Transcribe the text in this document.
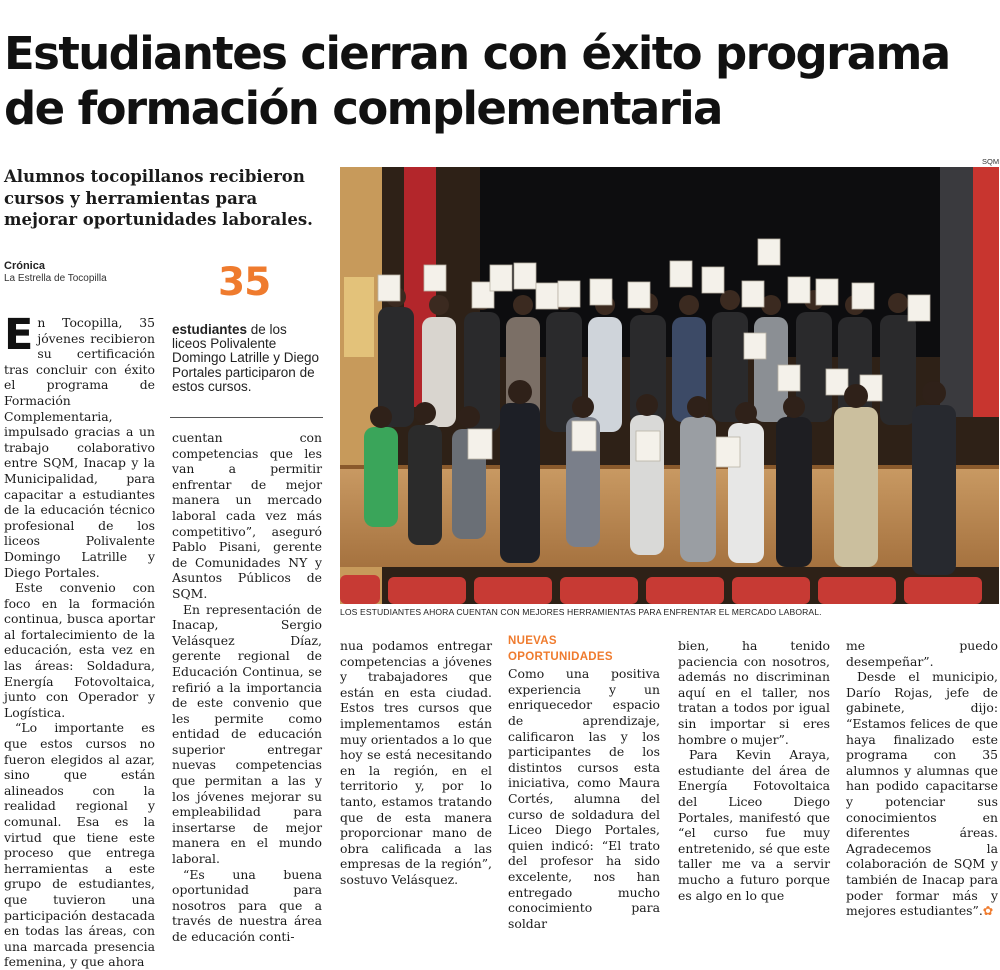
Estudiantes cierran con éxito programa
de formación complementaria

Alumnos tocopillanos recibieron cursos y herramientas para mejorar oportunidades laborales.

Crónica
La Estrella de Tocopilla
SQM
LOS ESTUDIANTES AHORA CUENTAN CON MEJORES HERRAMIENTAS PARA ENFRENTAR EL MERCADO LABORAL.
35

estudiantes de los liceos Polivalente Domingo Latrille y Diego Portales participaron de estos cursos.

En Tocopilla, 35 jóvenes recibieron su certificación tras concluir con éxito el programa de Formación Complementaria, impulsado gracias a un trabajo colaborativo entre SQM, Inacap y la Municipalidad, para capacitar a estudiantes de la educación técnico profesional de los liceos Polivalente Domingo Latrille y Diego Portales.

Este convenio con foco en la formación continua, busca aportar al fortalecimiento de la educación, esta vez en las áreas: Soldadura, Energía Fotovoltaica, junto con Operador y Logística.

“Lo importante es que estos cursos no fueron elegidos al azar, sino que están alineados con la realidad regional y comunal. Esa es la virtud que tiene este proceso que entrega herramientas a este grupo de estudiantes, que tuvieron una participación destacada en todas las áreas, con una marcada presencia femenina, y que ahora

cuentan con competencias que les van a permitir enfrentar de mejor manera un mercado laboral cada vez más competitivo”, aseguró Pablo Pisani, gerente de Comunidades NY y Asuntos Públicos de SQM.

En representación de Inacap, Sergio Velásquez Díaz, gerente regional de Educación Continua, se refirió a la importancia de este convenio que les permite como entidad de educación superior entregar nuevas competencias que permitan a las y los jóvenes mejorar su empleabilidad para insertarse de mejor manera en el mundo laboral.

“Es una buena oportunidad para nosotros para que a través de nuestra área de educación conti-

nua podamos entregar competencias a jóvenes y trabajadores que están en esta ciudad. Estos tres cursos que implementamos están muy orientados a lo que hoy se está necesitando en la región, en el territorio y, por lo tanto, estamos tratando que de esta manera proporcionar mano de obra calificada a las empresas de la región”, sostuvo Velásquez.

NUEVAS OPORTUNIDADES

Como una positiva experiencia y un enriquecedor espacio de aprendizaje, calificaron las y los participantes de los distintos cursos esta iniciativa, como Maura Cortés, alumna del curso de soldadura del Liceo Diego Portales, quien indicó: “El trato del profesor ha sido excelente, nos han entregado mucho conocimiento para soldar

bien, ha tenido paciencia con nosotros, además no discriminan aquí en el taller, nos tratan a todos por igual sin importar si eres hombre o mujer”.

Para Kevin Araya, estudiante del área de Energía Fotovoltaica del Liceo Diego Portales, manifestó que “el curso fue muy entretenido, sé que este taller me va a servir mucho a futuro porque es algo en lo que

me puedo desempeñar”.

Desde el municipio, Darío Rojas, jefe de gabinete, dijo: “Estamos felices de que haya finalizado este programa con 35 alumnos y alumnas que han podido capacitarse y potenciar sus conocimientos en diferentes áreas. Agradecemos la colaboración de SQM y también de Inacap para poder formar más y mejores estudiantes”.✿
